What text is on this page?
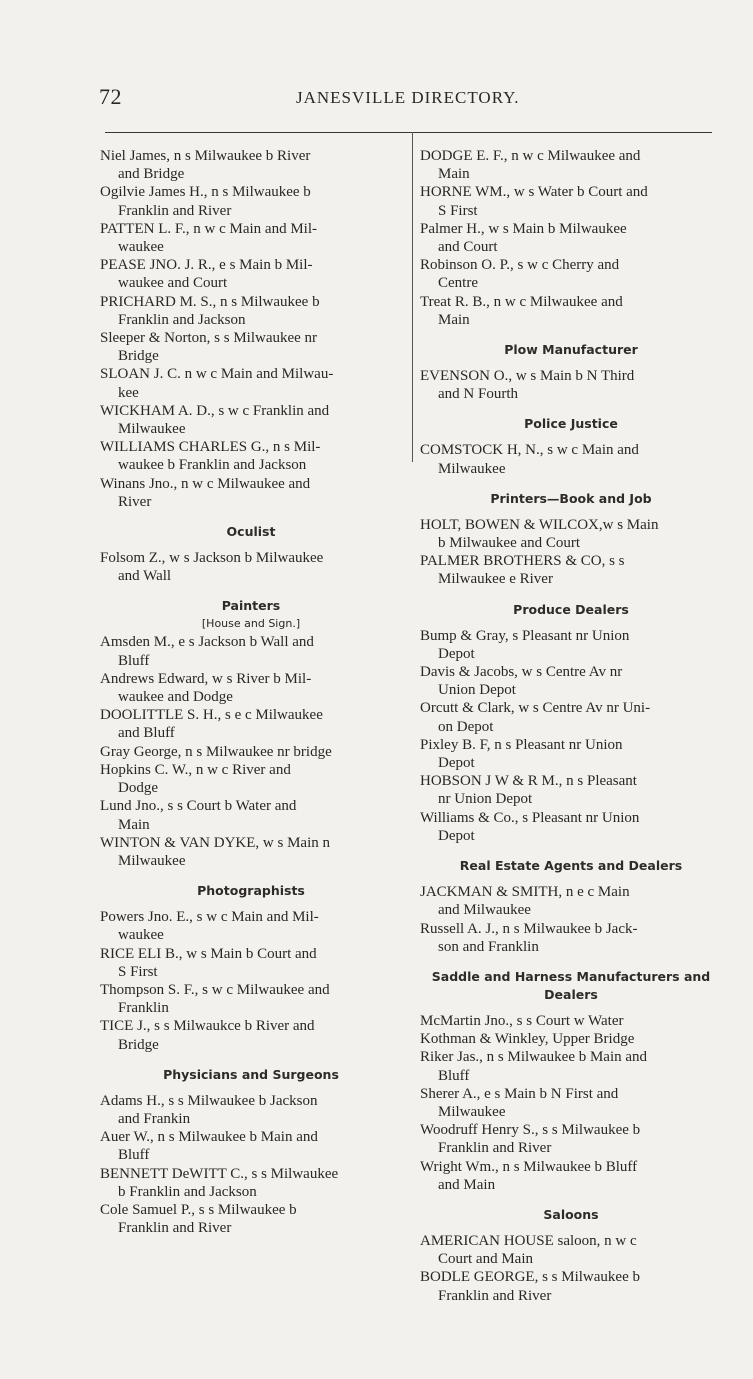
72	JANESVILLE DIRECTORY.

Niel James, n s Milwaukee b River
and Bridge

Ogilvie James H., n s Milwaukee b
Franklin and River

PATTEN L. F., n w c Main and Mil-
waukee

PEASE JNO. J. R., e s Main b Mil-
waukee and Court

PRICHARD M. S., n s Milwaukee b
Franklin and Jackson

Sleeper & Norton, s s Milwaukee nr
Bridge

SLOAN J. C. n w c Main and Milwau-
kee

WICKHAM A. D., s w c Franklin and
Milwaukee

WILLIAMS CHARLES G., n s Mil-
waukee b Franklin and Jackson

Winans Jno., n w c Milwaukee and
River

Oculist

Folsom Z., w s Jackson b Milwaukee
and Wall

Painters

[House and Sign.]

Amsden M., e s Jackson b Wall and
Bluff

Andrews Edward, w s River b Mil-
waukee and Dodge

DOOLITTLE S. H., s e c Milwaukee
and Bluff

Gray George, n s Milwaukee nr bridge

Hopkins C. W., n w c River and
Dodge

Lund Jno., s s Court b Water and
Main

WINTON & VAN DYKE, w s Main n
Milwaukee

Photographists

Powers Jno. E., s w c Main and Mil-
waukee

RICE ELI B., w s Main b Court and
S First

Thompson S. F., s w c Milwaukee and
Franklin

TICE J., s s Milwaukce b River and
Bridge

Physicians and Surgeons

Adams H., s s Milwaukee b Jackson
and Frankin

Auer W., n s Milwaukee b Main and
Bluff

BENNETT DeWITT C., s s Milwaukee
b Franklin and Jackson

Cole Samuel P., s s Milwaukee b
Franklin and River

DODGE E. F., n w c Milwaukee and
Main

HORNE WM., w s Water b Court and
S First

Palmer H., w s Main b Milwaukee
and Court

Robinson O. P., s w c Cherry and
Centre

Treat R. B., n w c Milwaukee and
Main

Plow Manufacturer

EVENSON O., w s Main b N Third
and N Fourth

Police Justice

COMSTOCK H, N., s w c Main and
Milwaukee

Printers—Book and Job

HOLT, BOWEN & WILCOX,w s Main
b Milwaukee and Court

PALMER BROTHERS & CO, s s
Milwaukee e River

Produce Dealers

Bump & Gray, s Pleasant nr Union
Depot

Davis & Jacobs, w s Centre Av nr
Union Depot

Orcutt & Clark, w s Centre Av nr Uni-
on Depot

Pixley B. F, n s Pleasant nr Union
Depot

HOBSON J W & R M., n s Pleasant
nr Union Depot

Williams & Co., s Pleasant nr Union
Depot

Real Estate Agents and Dealers

JACKMAN & SMITH, n e c Main
and Milwaukee

Russell A. J., n s Milwaukee b Jack-
son and Franklin

Saddle and Harness Manufacturers and

Dealers

McMartin Jno., s s Court w Water

Kothman & Winkley, Upper Bridge

Riker Jas., n s Milwaukee b Main and
Bluff

Sherer A., e s Main b N First and
Milwaukee

Woodruff Henry S., s s Milwaukee b
Franklin and River

Wright Wm., n s Milwaukee b Bluff
and Main

Saloons

AMERICAN HOUSE saloon, n w c
Court and Main

BODLE GEORGE, s s Milwaukee b
Franklin and River
